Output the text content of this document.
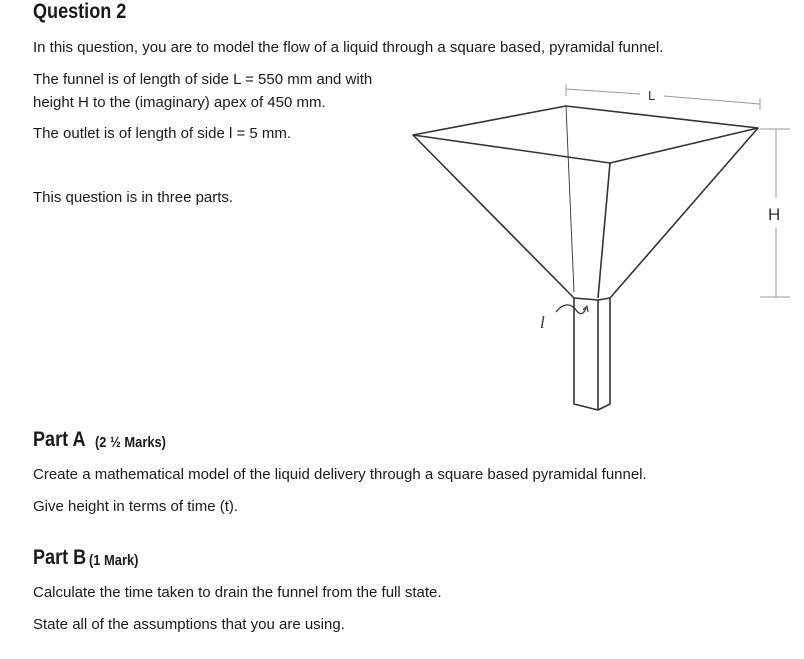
Question 2
In this question, you are to model the flow of a liquid through a square based, pyramidal funnel.
The funnel is of length of side L = 550 mm and with
height H to the (imaginary) apex of 450 mm.
The outlet is of length of side l = 5 mm.
This question is in three parts.
L
H
l
Part A (2 ½ Marks)
Create a mathematical model of the liquid delivery through a square based pyramidal funnel.
Give height in terms of time (t).
Part B (1 Mark)
Calculate the time taken to drain the funnel from the full state.
State all of the assumptions that you are using.
